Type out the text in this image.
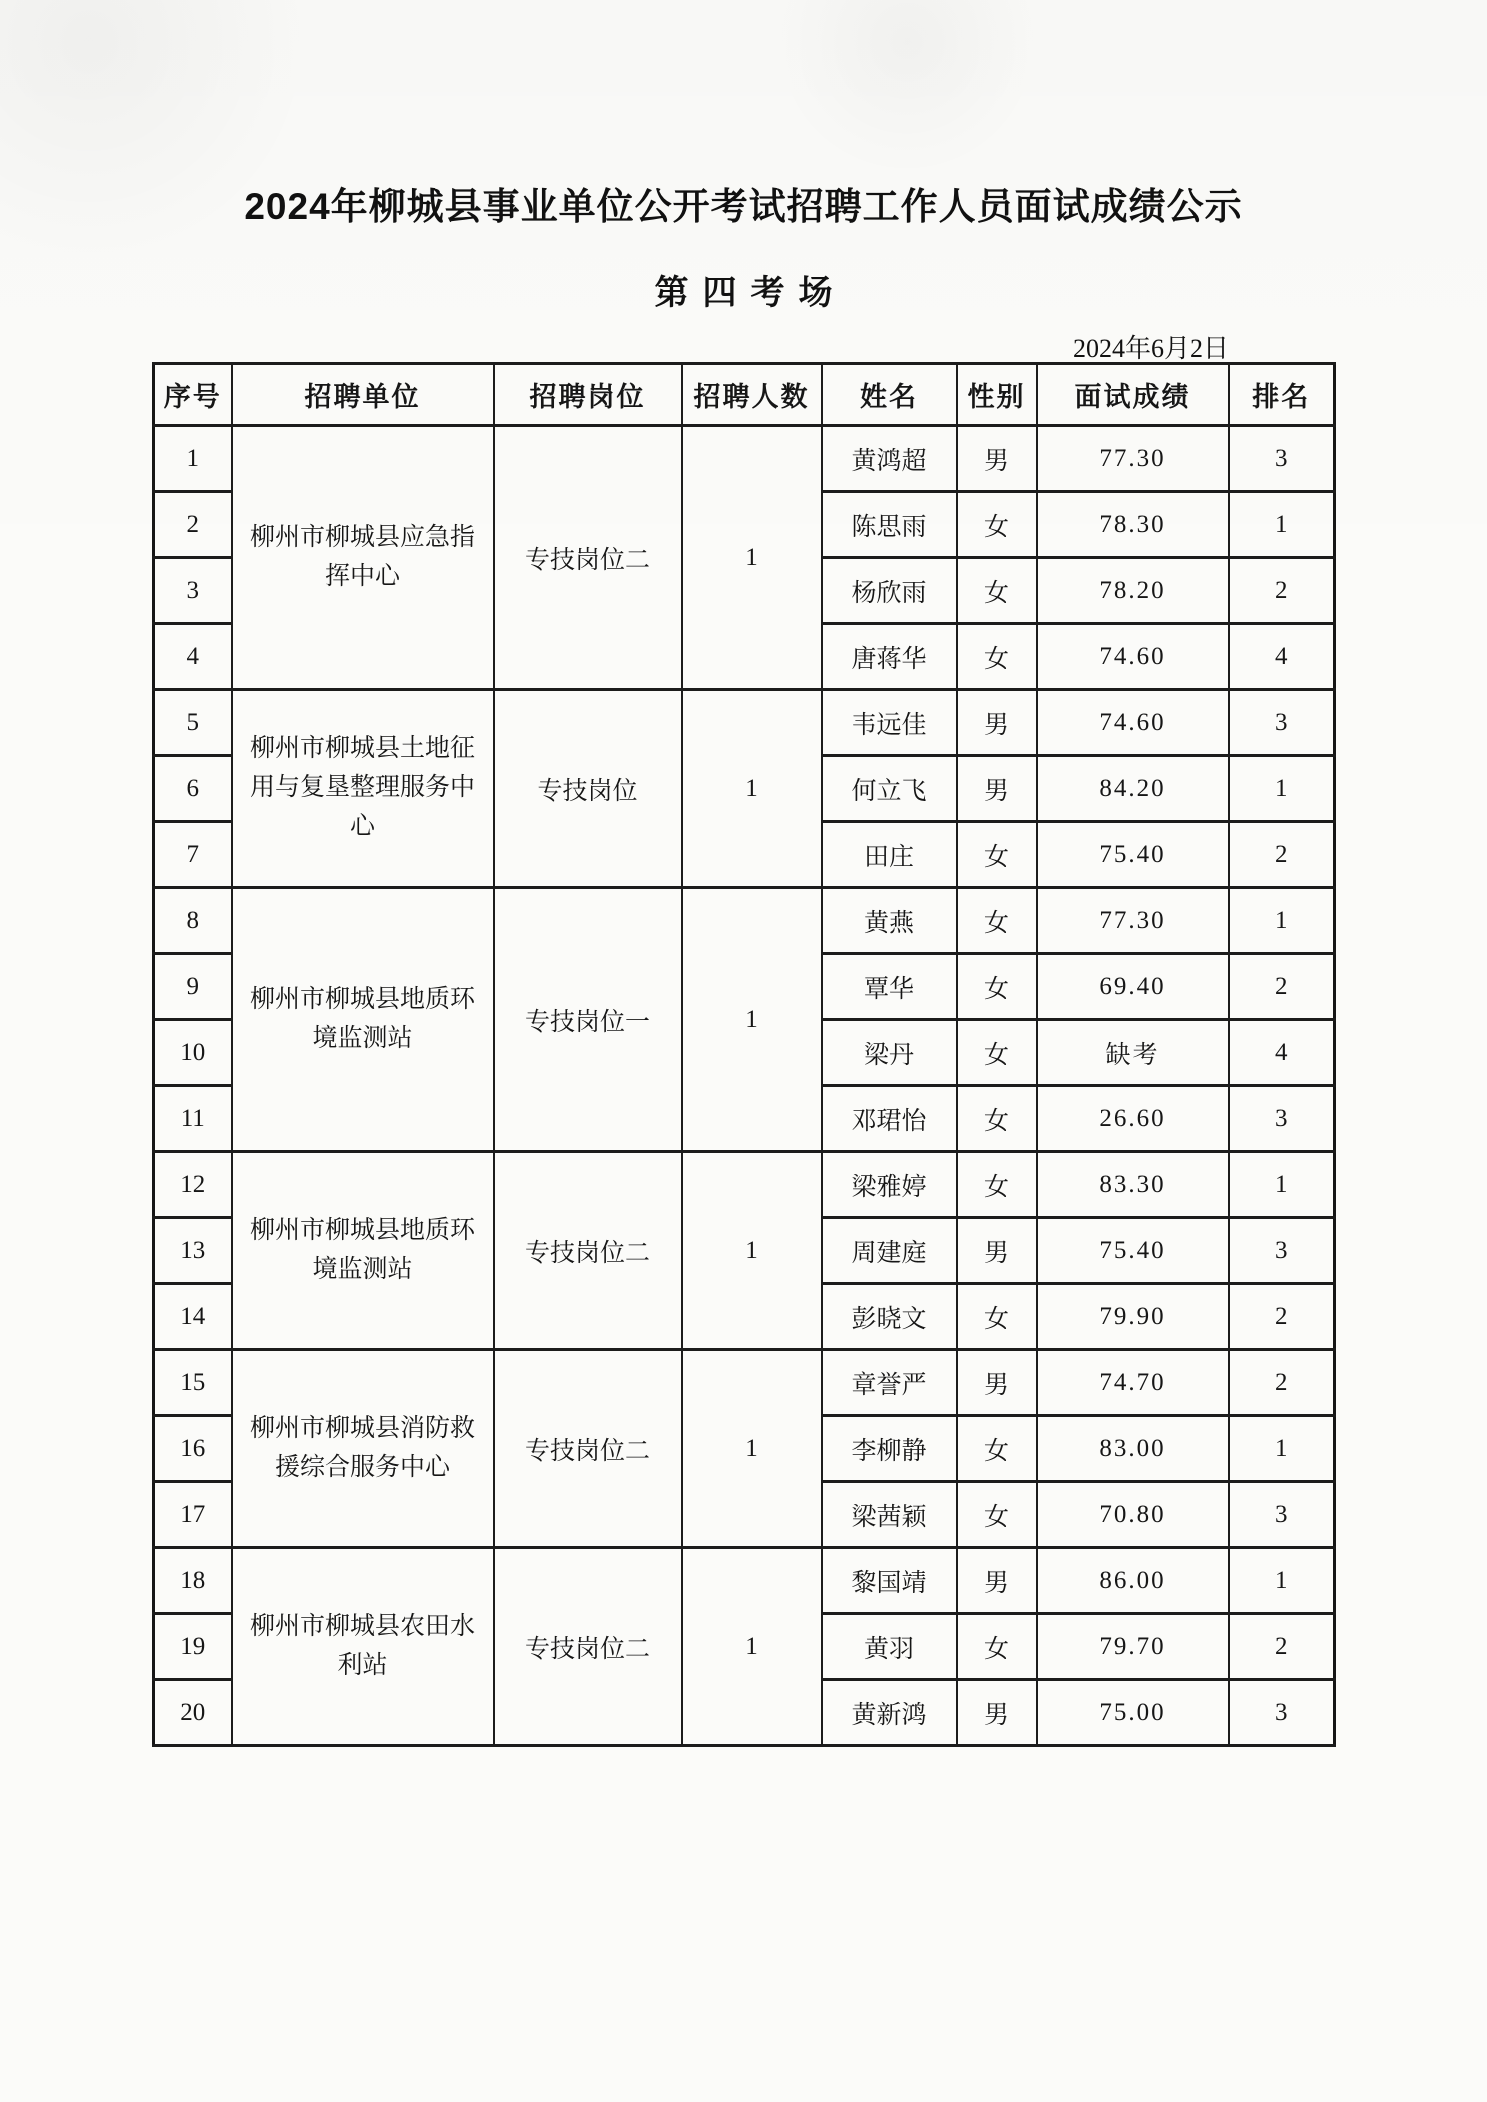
2024年柳城县事业单位公开考试招聘工作人员面试成绩公示
第四考场
2024年6月2日
序号	招聘单位	招聘岗位	招聘人数	姓名	性别	面试成绩	排名
1	柳州市柳城县应急指挥中心	专技岗位二	1	黄鸿超	男	77.30	3
2				陈思雨	女	78.30	1
3				杨欣雨	女	78.20	2
4				唐蒋华	女	74.60	4
5	柳州市柳城县土地征用与复垦整理服务中心	专技岗位	1	韦远佳	男	74.60	3
6				何立飞	男	84.20	1
7				田庄	女	75.40	2
8	柳州市柳城县地质环境监测站	专技岗位一	1	黄燕	女	77.30	1
9				覃华	女	69.40	2
10				梁丹	女	缺考	4
11				邓珺怡	女	26.60	3
12	柳州市柳城县地质环境监测站	专技岗位二	1	梁雅婷	女	83.30	1
13				周建庭	男	75.40	3
14				彭晓文	女	79.90	2
15	柳州市柳城县消防救援综合服务中心	专技岗位二	1	章誉严	男	74.70	2
16				李柳静	女	83.00	1
17				梁茜颖	女	70.80	3
18	柳州市柳城县农田水利站	专技岗位二	1	黎国靖	男	86.00	1
19				黄羽	女	79.70	2
20				黄新鸿	男	75.00	3
